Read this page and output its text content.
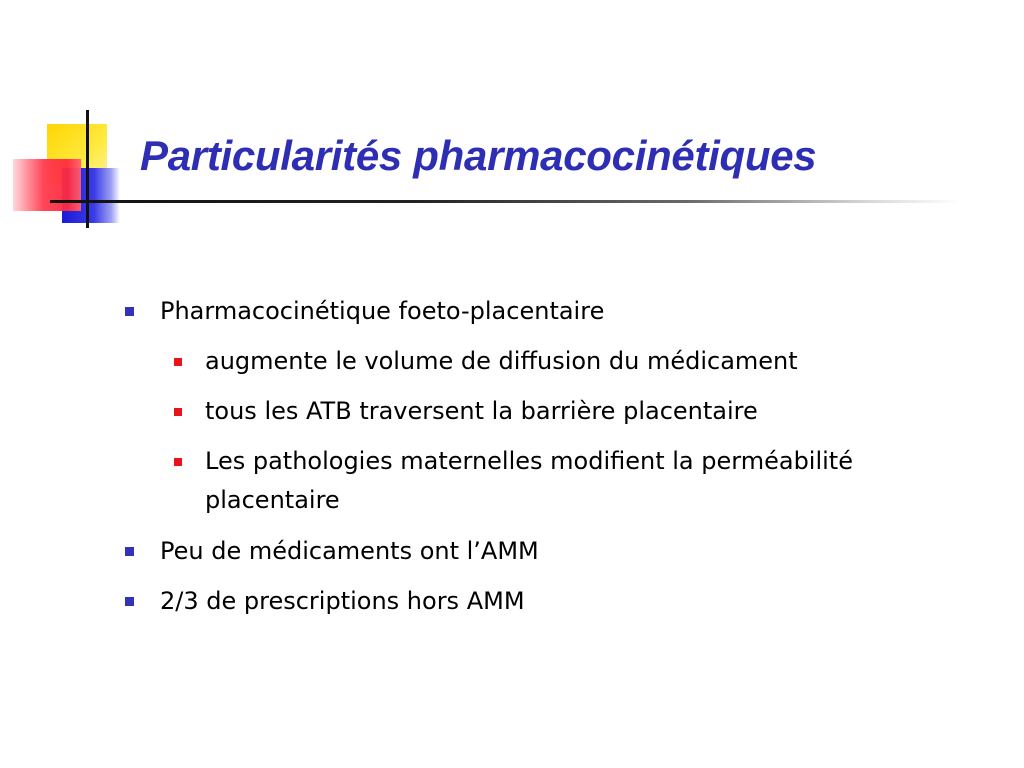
Particularités pharmacocinétiques
Pharmacocinétique foeto-placentaire
augmente le volume de diffusion du médicament
tous les ATB traversent la barrière placentaire
Les pathologies maternelles modifient la perméabilité placentaire
Peu de médicaments ont l’AMM
2/3 de prescriptions hors AMM
